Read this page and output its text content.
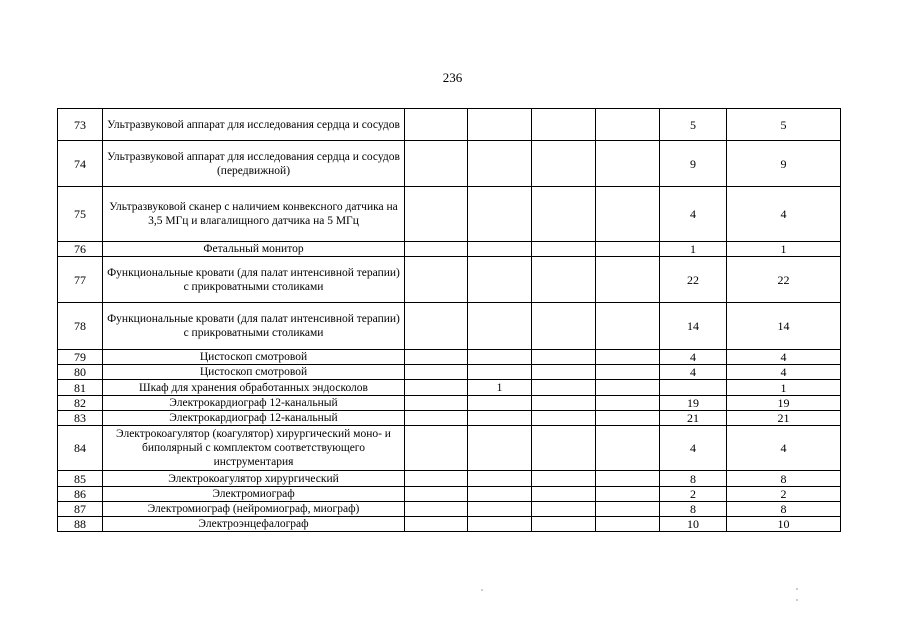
236
73	Ультразвуковой аппарат для исследования сердца и сосудов					5	5
74	Ультразвуковой аппарат для исследования сердца и сосудов (передвижной)					9	9
75	Ультразвуковой сканер с наличием конвексного датчика на 3,5 МГц и влагалищного датчика на 5 МГц					4	4
76	Фетальный монитор					1	1
77	Функциональные кровати (для палат интенсивной терапии) с прикроватными столиками					22	22
78	Функциональные кровати (для палат интенсивной терапии) с прикроватными столиками					14	14
79	Цистоскоп смотровой					4	4
80	Цистоскоп смотровой					4	4
81	Шкаф для хранения обработанных эндосколов		1				1
82	Электрокардиограф 12-канальный					19	19
83	Электрокардиограф 12-канальный					21	21
84	Электрокоагулятор (коагулятор) хирургический моно- и биполярный с комплектом соответствующего инструментария					4	4
85	Электрокоагулятор хирургический					8	8
86	Электромиограф					2	2
87	Электромиограф (нейромиограф, миограф)					8	8
88	Электроэнцефалограф					10	10
